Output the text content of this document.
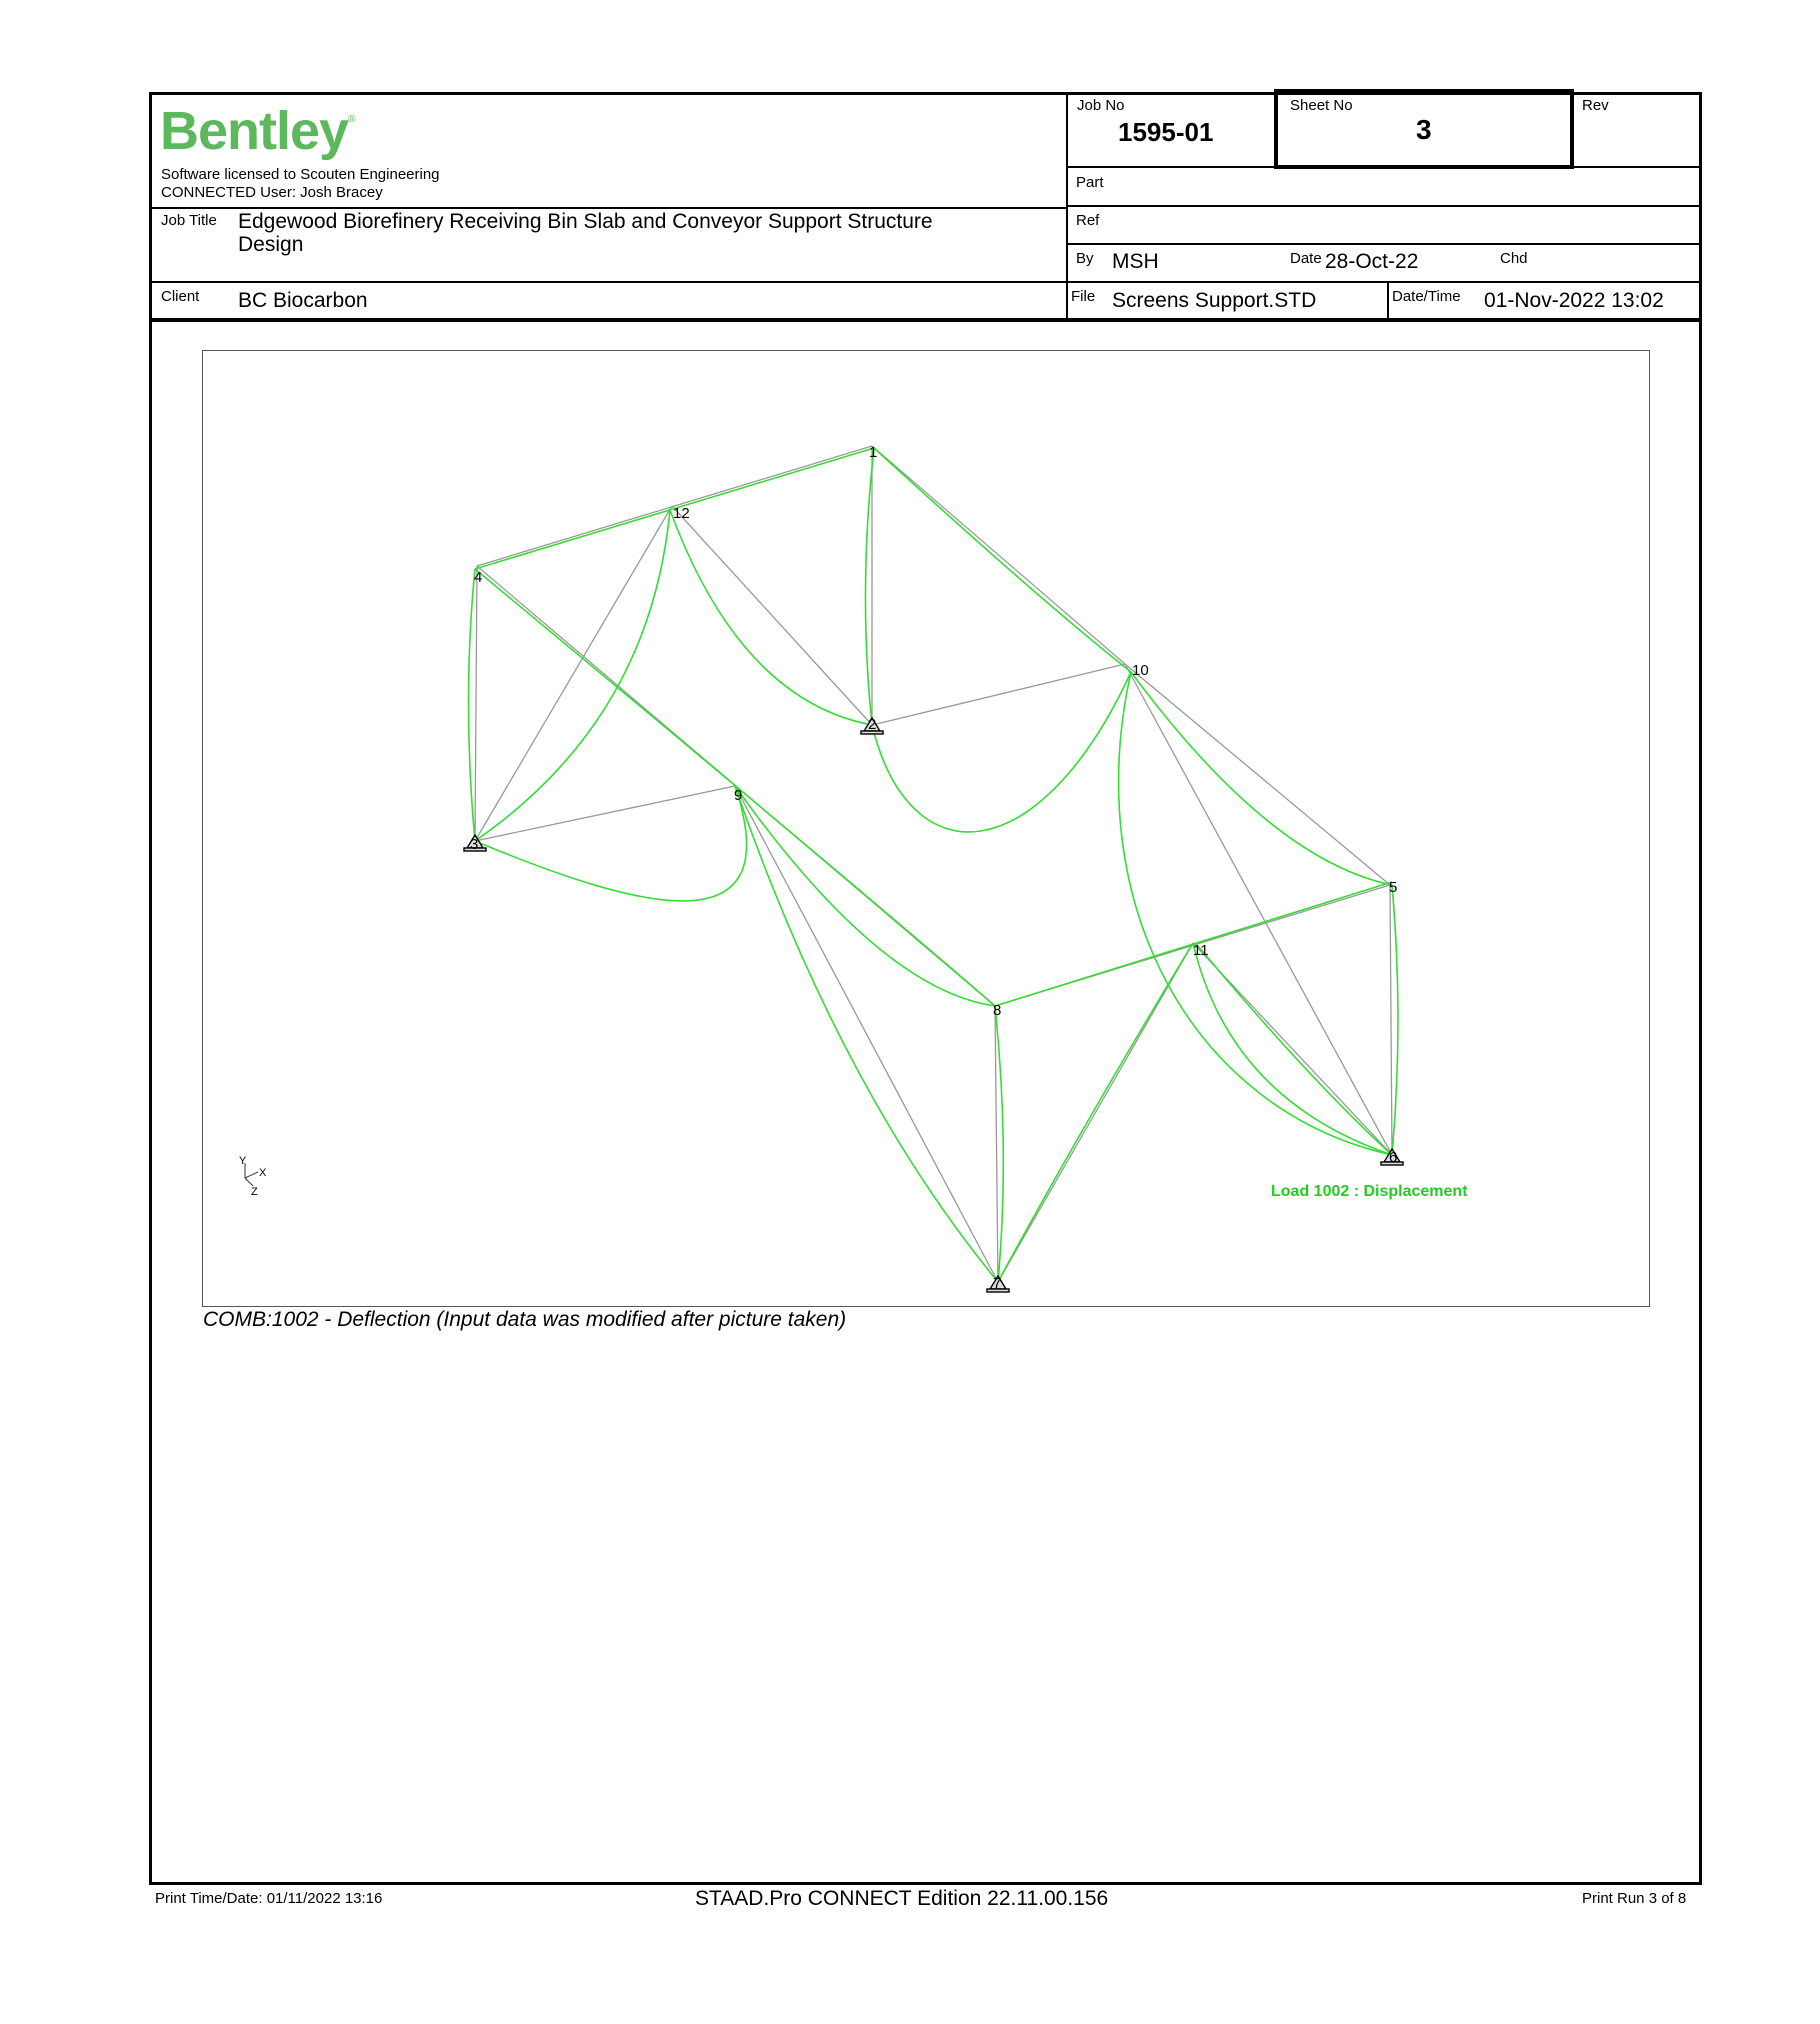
Bentley®
Software licensed to Scouten Engineering
CONNECTED User: Josh Bracey
Job No
1595-01
Sheet No
3
Rev
Part
Ref
Job Title Edgewood Biorefinery Receiving Bin Slab and Conveyor Support Structure
Design
By MSH	Date 28-Oct-22	Chd
Client BC Biocarbon	File Screens Support.STD	Date/Time 01-Nov-2022 13:02
1
2
3
4
5
6
7
8
9
10
11
12
Load 1002 : Displacement
Y
X
Z
COMB:1002 - Deflection (Input data was modified after picture taken)
Print Time/Date: 01/11/2022 13:16	STAAD.Pro CONNECT Edition 22.11.00.156	Print Run 3 of 8
